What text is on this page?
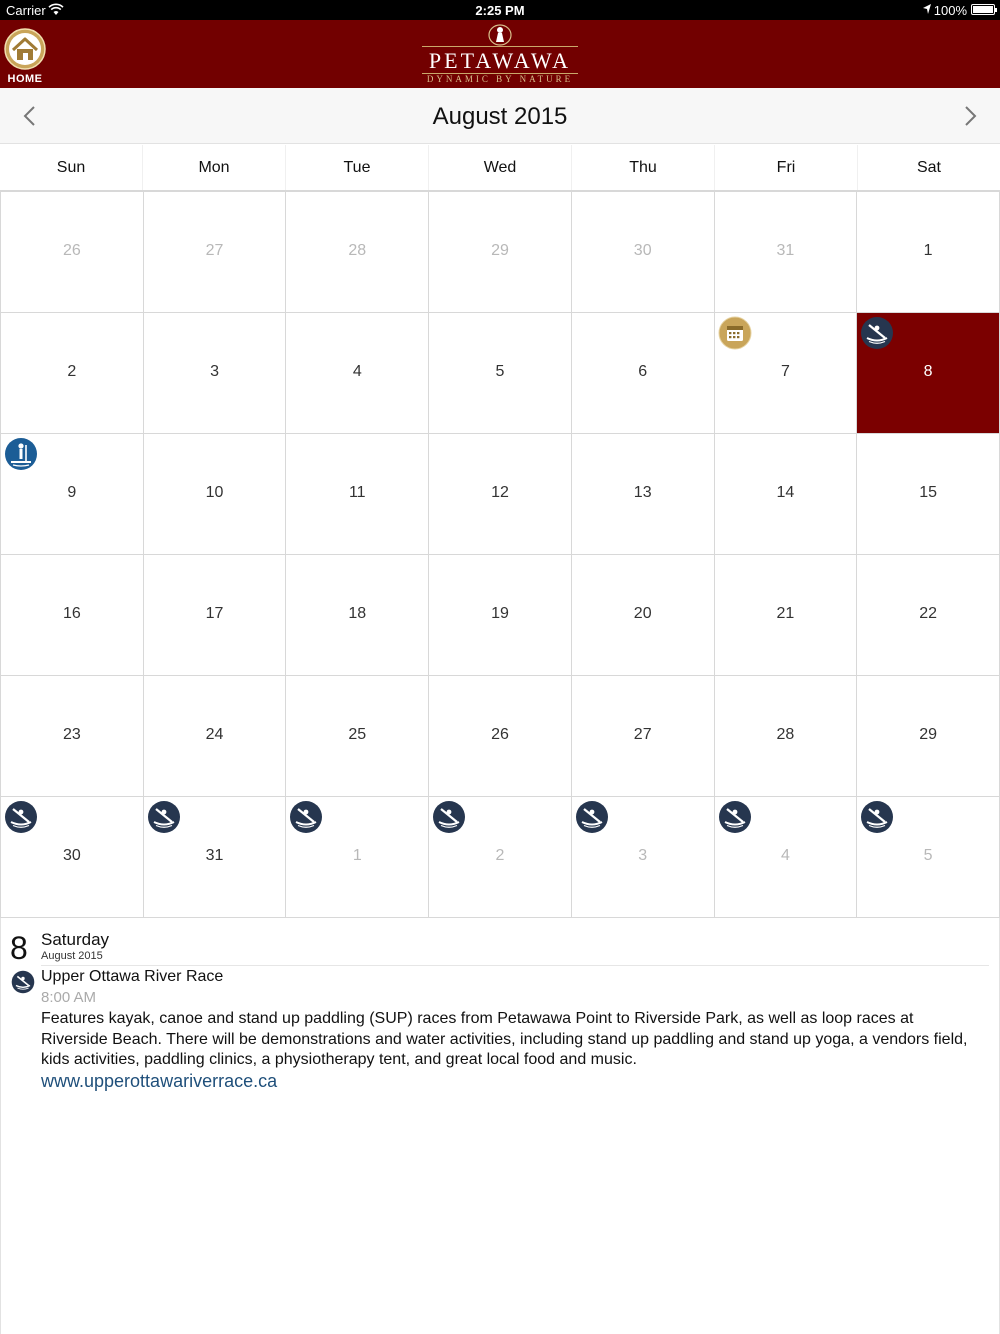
Carrier	2:25 PM	100%
HOME
PETAWAWA
DYNAMIC BY NATURE
August 2015
Sun	Mon	Tue	Wed	Thu	Fri	Sat
26	27	28	29	30	31	1
2	3	4	5	6	7	8
9	10	11	12	13	14	15
16	17	18	19	20	21	22
23	24	25	26	27	28	29
30	31	1	2	3	4	5
8 Saturday
August 2015
Upper Ottawa River Race
8:00 AM
Features kayak, canoe and stand up paddling (SUP) races from Petawawa Point to Riverside Park, as well as loop races at Riverside Beach. There will be demonstrations and water activities, including stand up paddling and stand up yoga, a vendors field, kids activities, paddling clinics, a physiotherapy tent, and great local food and music.
www.upperottawariverrace.ca
